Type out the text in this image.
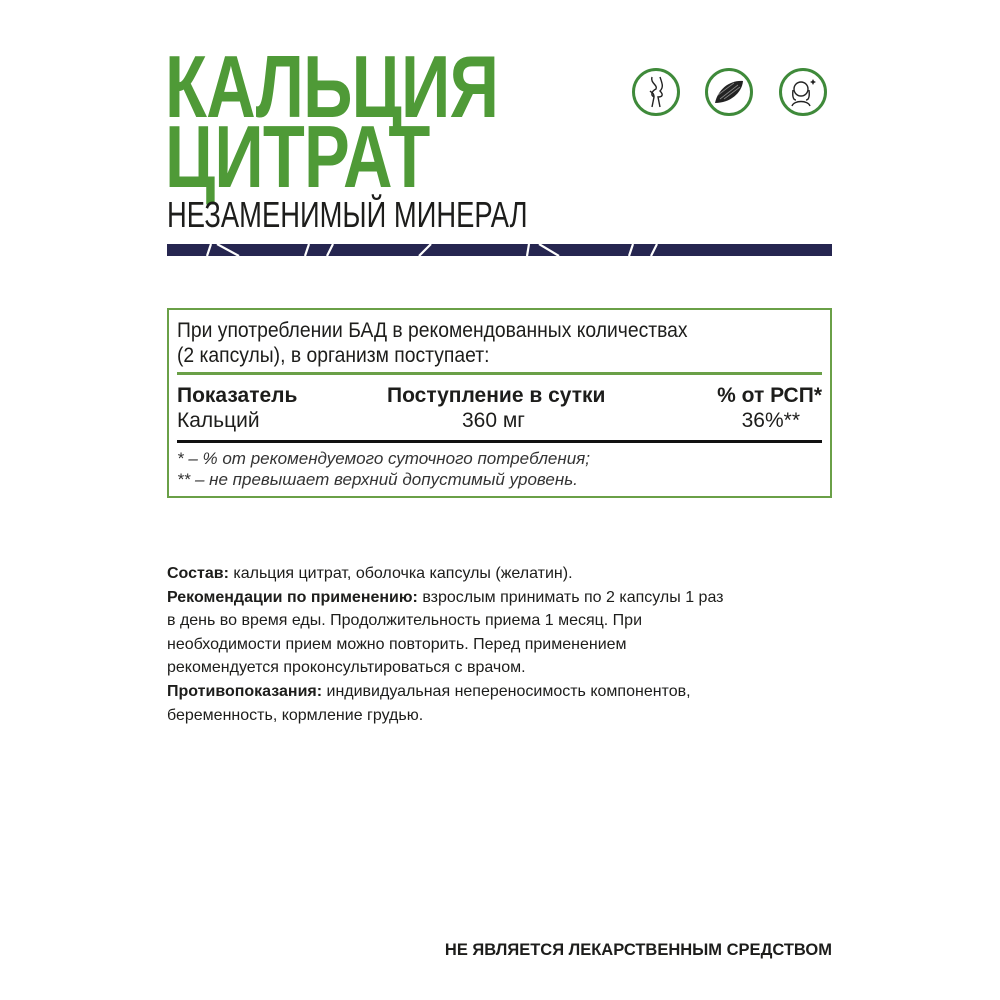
КАЛЬЦИЯ
ЦИТРАТ
НЕЗАМЕНИМЫЙ МИНЕРАЛ
При употреблении БАД в рекомендованных количествах
(2 капсулы), в организм поступает:
Показатель	Поступление в сутки	% от РСП*
Кальций	360 мг	36%**
* – % от рекомендуемого суточного потребления;
** – не превышает верхний допустимый уровень.

Состав: кальция цитрат, оболочка капсулы (желатин).

Рекомендации по применению: взрослым принимать по 2 капсулы 1 раз в день во время еды. Продолжительность приема 1 месяц. При необходимости прием можно повторить. Перед применением рекомендуется проконсультироваться с врачом.

Противопоказания: индивидуальная непереносимость компонентов, беременность, кормление грудью.

НЕ ЯВЛЯЕТСЯ ЛЕКАРСТВЕННЫМ СРЕДСТВОМ
